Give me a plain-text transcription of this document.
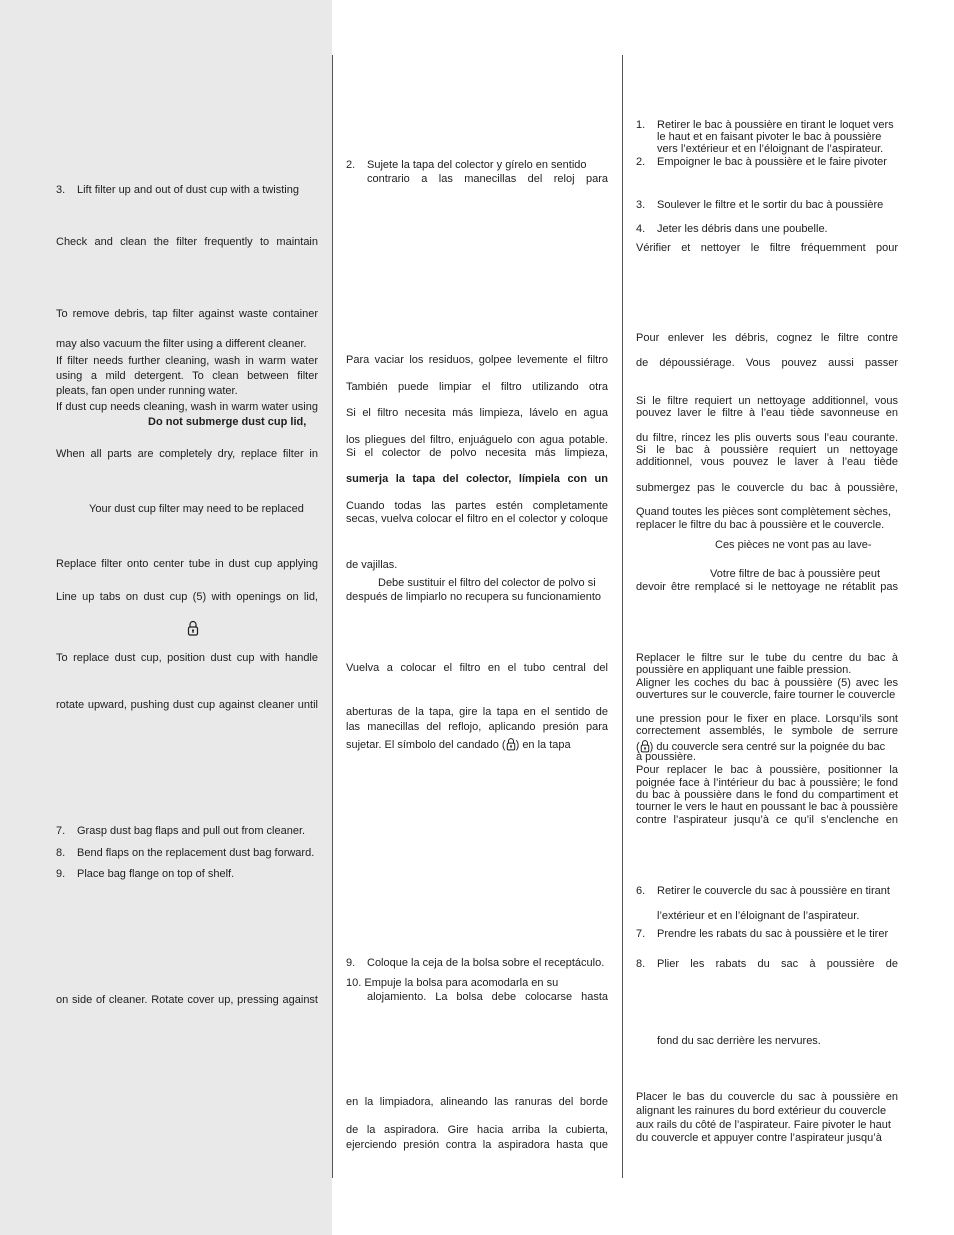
3. Lift filter up and out of dust cup with a twisting
Check and clean the filter frequently to maintain
To remove debris, tap filter against waste container
may also vacuum the filter using a different cleaner.
If filter needs further cleaning, wash in warm water
using a mild detergent. To clean between filter
pleats, fan open under running water.
If dust cup needs cleaning, wash in warm water using
Do not submerge dust cup lid,
When all parts are completely dry, replace filter in
Your dust cup filter may need to be replaced
Replace filter onto center tube in dust cup applying
Line up tabs on dust cup (5) with openings on lid,
To replace dust cup, position dust cup with handle
rotate upward, pushing dust cup against cleaner until
7. Grasp dust bag flaps and pull out from cleaner.
8. Bend flaps on the replacement dust bag forward.
9. Place bag flange on top of shelf.
on side of cleaner. Rotate cover up, pressing against
2. Sujete la tapa del colector y gírelo en sentido
contrario a las manecillas del reloj para
Para vaciar los residuos, golpee levemente el filtro
También puede limpiar el filtro utilizando otra
Si el filtro necesita más limpieza, lávelo en agua
los pliegues del filtro, enjuáguelo con agua potable.
Si el colector de polvo necesita más limpieza,
sumerja la tapa del colector, límpiela con un
Cuando todas las partes estén completamente
secas, vuelva colocar el filtro en el colector y coloque
de vajillas.
Debe sustituir el filtro del colector de polvo si
después de limpiarlo no recupera su funcionamiento
Vuelva a colocar el filtro en el tubo central del
aberturas de la tapa, gire la tapa en el sentido de
las manecillas del reflojo, aplicando presión para
sujetar. El símbolo del candado ( ) en la tapa
9. Coloque la ceja de la bolsa sobre el receptáculo.
10. Empuje la bolsa para acomodarla en su
alojamiento. La bolsa debe colocarse hasta
en la limpiadora, alineando las ranuras del borde
de la aspiradora. Gire hacia arriba la cubierta,
ejerciendo presión contra la aspiradora hasta que
1. Retirer le bac à poussière en tirant le loquet vers
le haut et en faisant pivoter le bac à poussière
vers l’extérieur et en l’éloignant de l’aspirateur.
2. Empoigner le bac à poussière et le faire pivoter
3. Soulever le filtre et le sortir du bac à poussière
4. Jeter les débris dans une poubelle.
Vérifier et nettoyer le filtre fréquemment pour
Pour enlever les débris, cognez le filtre contre
de dépoussiérage. Vous pouvez aussi passer
Si le filtre requiert un nettoyage additionnel, vous
pouvez laver le filtre à l’eau tiède savonneuse en
du filtre, rincez les plis ouverts sous l’eau courante.
Si le bac à poussière requiert un nettoyage
additionnel, vous pouvez le laver à l’eau tiède
submergez pas le couvercle du bac à poussière,
Quand toutes les pièces sont complètement sèches,
replacer le filtre du bac à poussière et le couvercle.
Ces pièces ne vont pas au lave-
Votre filtre de bac à poussière peut
devoir être remplacé si le nettoyage ne rétablit pas
Replacer le filtre sur le tube du centre du bac à
poussière en appliquant une faible pression.
Aligner les coches du bac à poussière (5) avec les
ouvertures sur le couvercle, faire tourner le couvercle
une pression pour le fixer en place. Lorsqu’ils sont
correctement assemblés, le symbole de serrure
( ) du couvercle sera centré sur la poignée du bac
à poussière.
Pour replacer le bac à poussière, positionner la
poignée face à l’intérieur du bac à poussière; le fond
du bac à poussière dans le fond du compartiment et
tourner le vers le haut en poussant le bac à poussière
contre l’aspirateur jusqu’à ce qu’il s’enclenche en
6. Retirer le couvercle du sac à poussière en tirant
l’extérieur et en l’éloignant de l’aspirateur.
7. Prendre les rabats du sac à poussière et le tirer
8. Plier les rabats du sac à poussière de
fond du sac derrière les nervures.
Placer le bas du couvercle du sac à poussière en
alignant les rainures du bord extérieur du couvercle
aux rails du côté de l’aspirateur. Faire pivoter le haut
du couvercle et appuyer contre l’aspirateur jusqu’à
